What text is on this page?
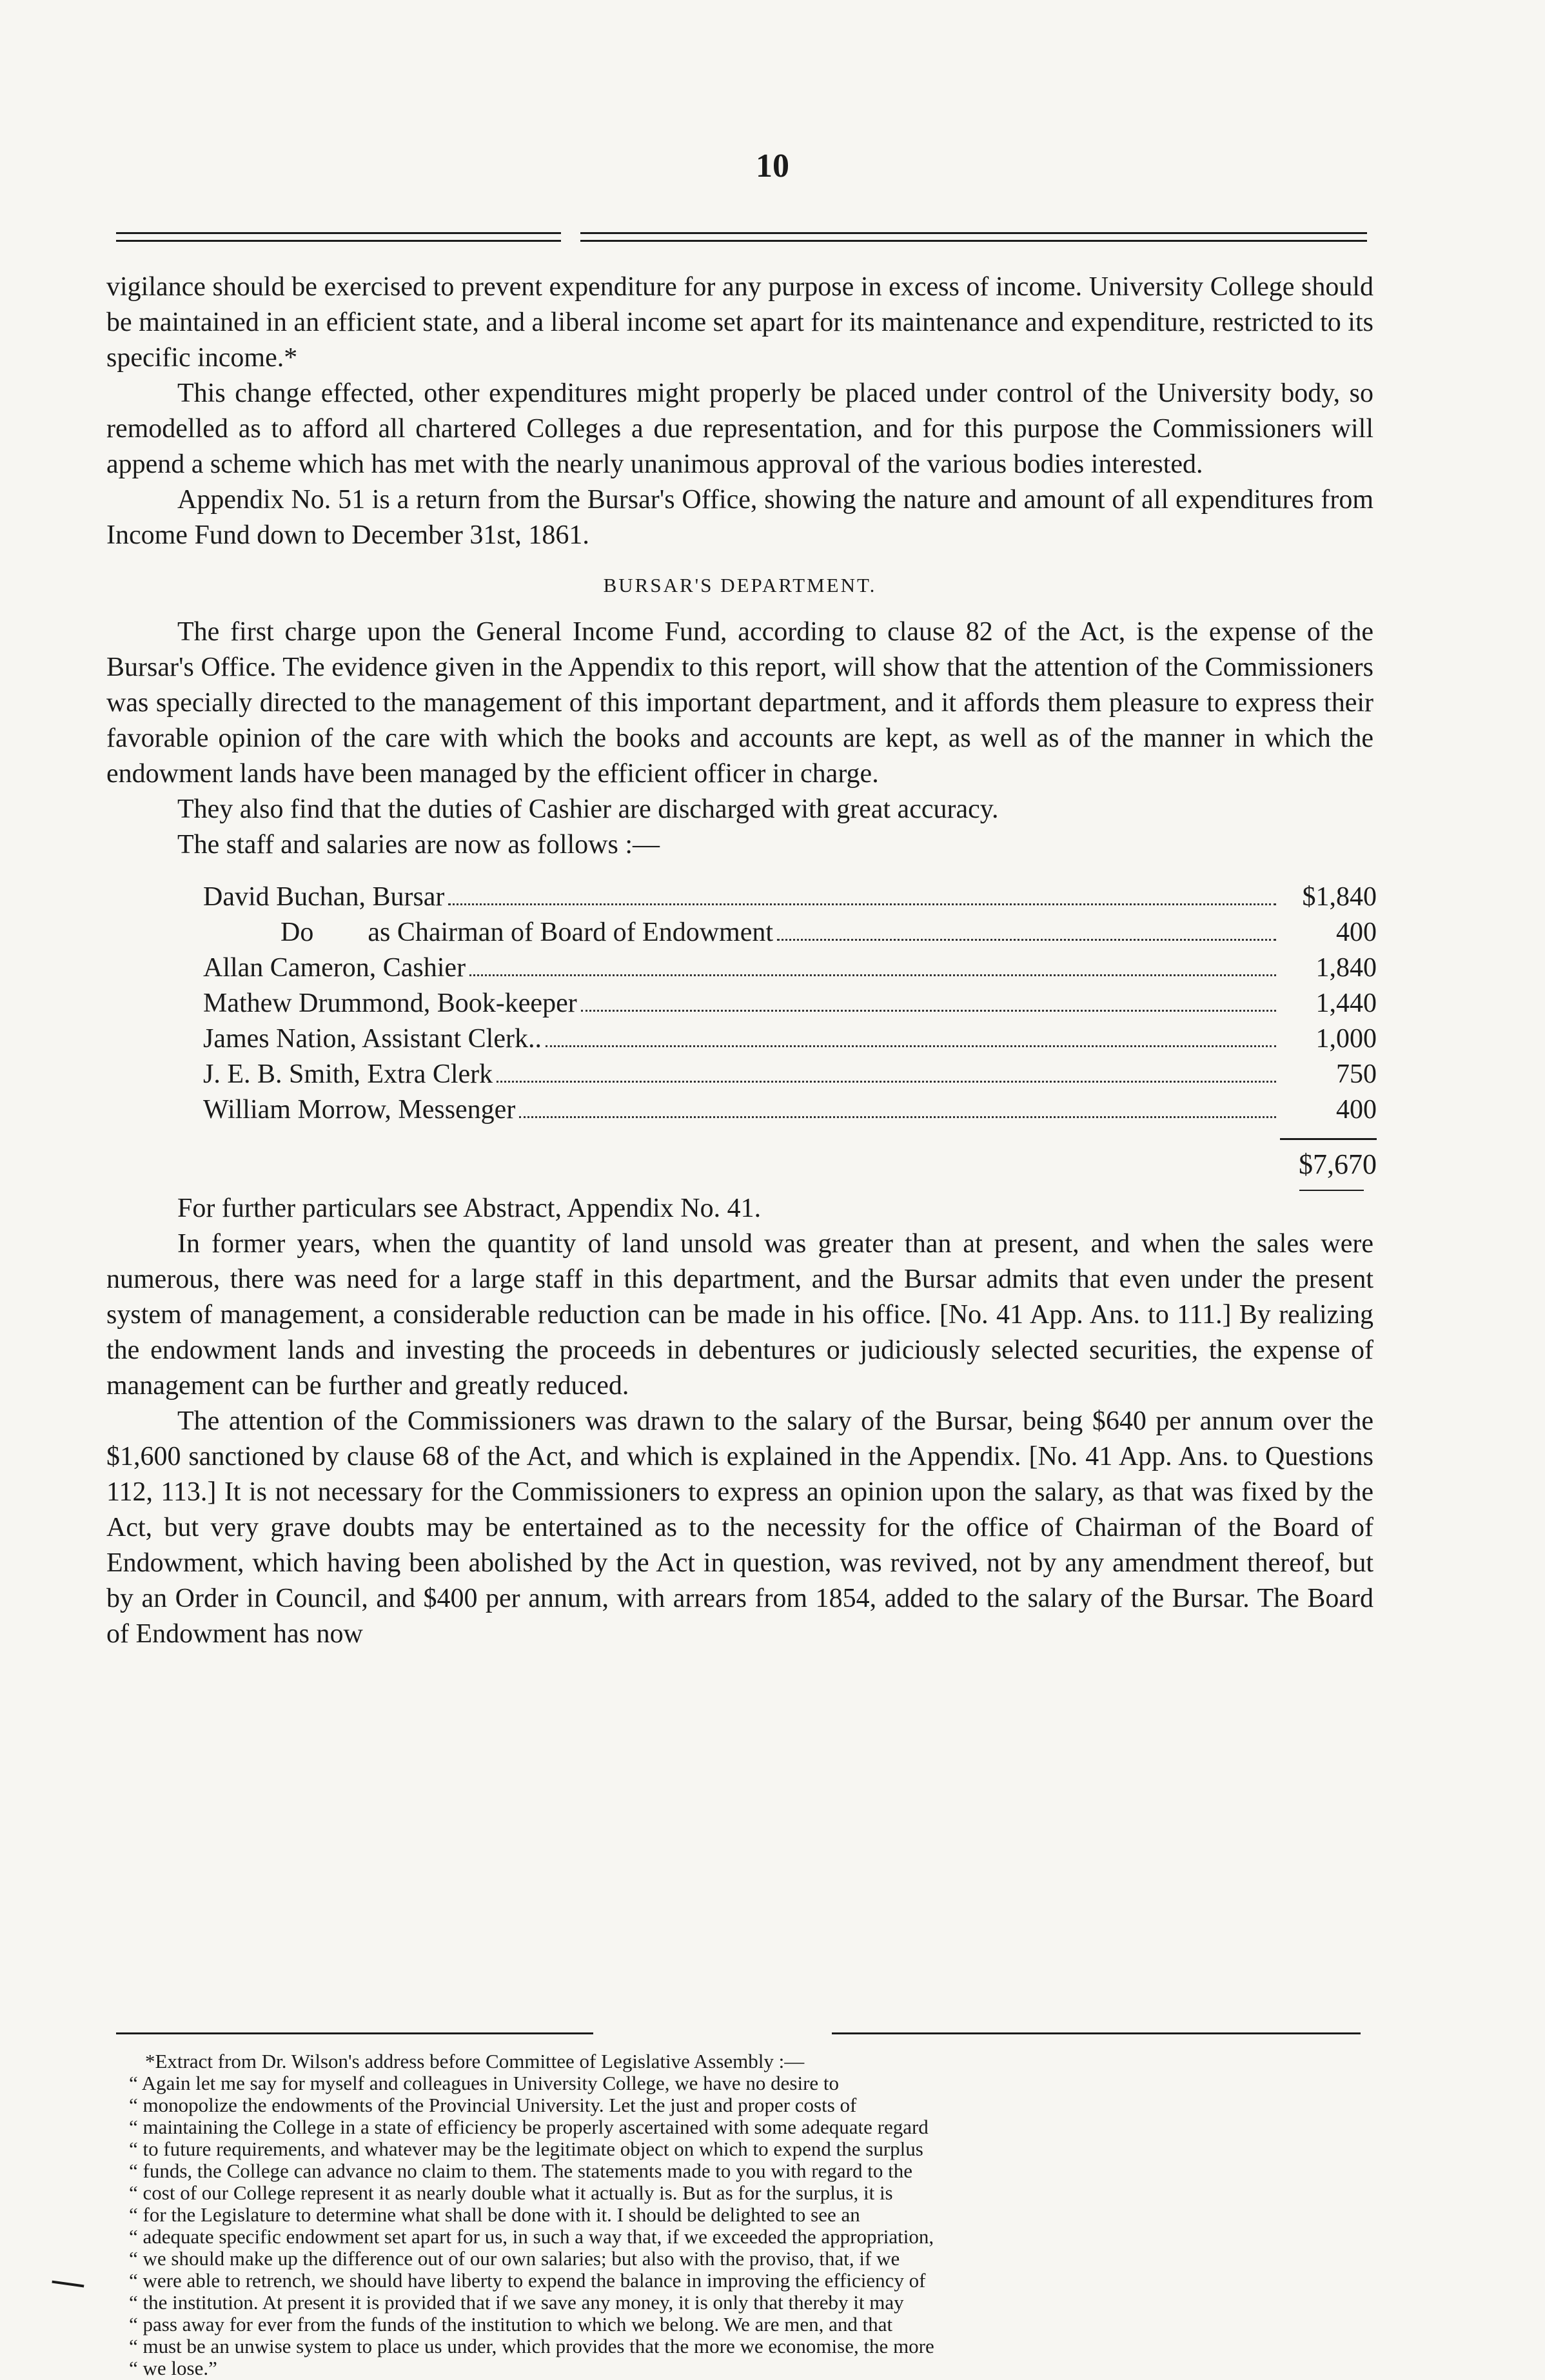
10

vigilance should be exercised to prevent expenditure for any purpose in excess of income. University College should be maintained in an efficient state, and a liberal income set apart for its maintenance and expenditure, restricted to its specific income.*

This change effected, other expenditures might properly be placed under control of the University body, so remodelled as to afford all chartered Colleges a due representation, and for this purpose the Commissioners will append a scheme which has met with the nearly unanimous approval of the various bodies interested.

Appendix No. 51 is a return from the Bursar's Office, showing the nature and amount of all expenditures from Income Fund down to December 31st, 1861.

BURSAR'S DEPARTMENT.

The first charge upon the General Income Fund, according to clause 82 of the Act, is the expense of the Bursar's Office. The evidence given in the Appendix to this report, will show that the attention of the Commissioners was specially directed to the management of this important department, and it affords them pleasure to express their favorable opinion of the care with which the books and accounts are kept, as well as of the manner in which the endowment lands have been managed by the efficient officer in charge.

They also find that the duties of Cashier are discharged with great accuracy.

The staff and salaries are now as follows :—

David Buchan, Bursar	$1,840
Do        as Chairman of Board of Endowment	400
Allan Cameron, Cashier	1,840
Mathew Drummond, Book-keeper	1,440
James Nation, Assistant Clerk..	1,000
J. E. B. Smith, Extra Clerk	750
William Morrow, Messenger	400
$7,670

For further particulars see Abstract, Appendix No. 41.

In former years, when the quantity of land unsold was greater than at present, and when the sales were numerous, there was need for a large staff in this department, and the Bursar admits that even under the present system of management, a considerable reduction can be made in his office. [No. 41 App. Ans. to 111.] By realizing the endowment lands and investing the proceeds in debentures or judiciously selected securities, the expense of management can be further and greatly reduced.

The attention of the Commissioners was drawn to the salary of the Bursar, being $640 per annum over the $1,600 sanctioned by clause 68 of the Act, and which is explained in the Appendix. [No. 41 App. Ans. to Questions 112, 113.] It is not necessary for the Commissioners to express an opinion upon the salary, as that was fixed by the Act, but very grave doubts may be entertained as to the necessity for the office of Chairman of the Board of Endowment, which having been abolished by the Act in question, was revived, not by any amendment thereof, but by an Order in Council, and $400 per annum, with arrears from 1854, added to the salary of the Bursar. The Board of Endowment has now

*Extract from Dr. Wilson's address before Committee of Legislative Assembly :—

“ Again let me say for myself and colleagues in University College, we have no desire to

“ monopolize the endowments of the Provincial University. Let the just and proper costs of

“ maintaining the College in a state of efficiency be properly ascertained with some adequate regard

“ to future requirements, and whatever may be the legitimate object on which to expend the surplus

“ funds, the College can advance no claim to them. The statements made to you with regard to the

“ cost of our College represent it as nearly double what it actually is. But as for the surplus, it is

“ for the Legislature to determine what shall be done with it. I should be delighted to see an

“ adequate specific endowment set apart for us, in such a way that, if we exceeded the appropriation,

“ we should make up the difference out of our own salaries; but also with the proviso, that, if we

“ were able to retrench, we should have liberty to expend the balance in improving the efficiency of

“ the institution. At present it is provided that if we save any money, it is only that thereby it may

“ pass away for ever from the funds of the institution to which we belong. We are men, and that

“ must be an unwise system to place us under, which provides that the more we economise, the more

“ we lose.”
